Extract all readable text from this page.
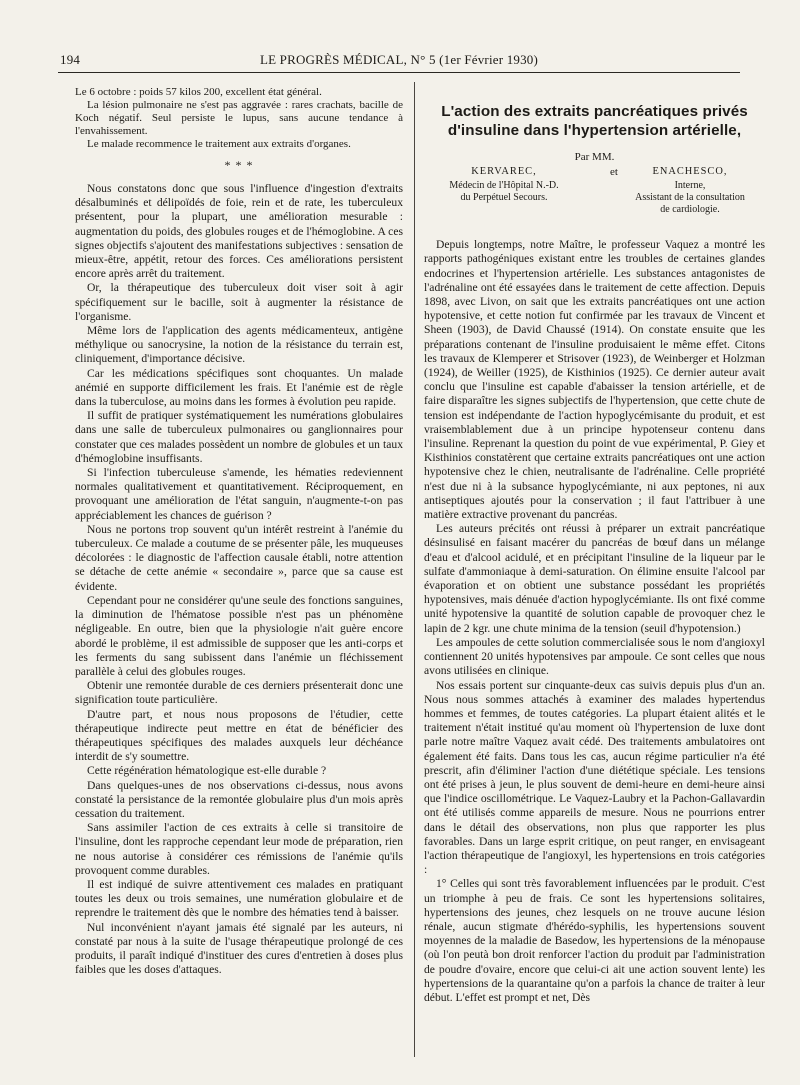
194	LE PROGRÈS MÉDICAL, N° 5 (1er Février 1930)

Le 6 octobre : poids 57 kilos 200, excellent état général.

La lésion pulmonaire ne s'est pas aggravée : rares crachats, bacille de Koch négatif. Seul persiste le lupus, sans aucune tendance à l'envahissement.

Le malade recommence le traitement aux extraits d'organes.

* * *

Nous constatons donc que sous l'influence d'ingestion d'extraits désalbuminés et délipoïdés de foie, rein et de rate, les tuberculeux présentent, pour la plupart, une amélioration mesurable : augmentation du poids, des globules rouges et de l'hémoglobine. A ces signes objectifs s'ajoutent des manifestations subjectives : sensation de mieux-être, appétit, retour des forces. Ces améliorations persistent encore après arrêt du traitement.

Or, la thérapeutique des tuberculeux doit viser soit à agir spécifiquement sur le bacille, soit à augmenter la résistance de l'organisme.

Même lors de l'application des agents médicamenteux, antigène méthylique ou sanocrysine, la notion de la résistance du terrain est, cliniquement, d'importance décisive.

Car les médications spécifiques sont choquantes. Un malade anémié en supporte difficilement les frais. Et l'anémie est de règle dans la tuberculose, au moins dans les formes à évolution peu rapide.

Il suffit de pratiquer systématiquement les numérations globulaires dans une salle de tuberculeux pulmonaires ou ganglionnaires pour constater que ces malades possèdent un nombre de globules et un taux d'hémoglobine insuffisants.

Si l'infection tuberculeuse s'amende, les hématies redeviennent normales qualitativement et quantitativement. Réciproquement, en provoquant une amélioration de l'état sanguin, n'augmente-t-on pas appréciablement les chances de guérison ?

Nous ne portons trop souvent qu'un intérêt restreint à l'anémie du tuberculeux. Ce malade a coutume de se présenter pâle, les muqueuses décolorées : le diagnostic de l'affection causale établi, notre attention se détache de cette anémie « secondaire », parce que sa cause est évidente.

Cependant pour ne considérer qu'une seule des fonctions sanguines, la diminution de l'hématose possible n'est pas un phénomène négligeable. En outre, bien que la physiologie n'ait guère encore abordé le problème, il est admissible de supposer que les anti-corps et les ferments du sang subissent dans l'anémie un fléchissement parallèle à celui des globules rouges.

Obtenir une remontée durable de ces derniers présenterait donc une signification toute particulière.

D'autre part, et nous nous proposons de l'étudier, cette thérapeutique indirecte peut mettre en état de bénéficier des thérapeutiques spécifiques des malades auxquels leur déchéance interdit de s'y soumettre.

Cette régénération hématologique est-elle durable ?

Dans quelques-unes de nos observations ci-dessus, nous avons constaté la persistance de la remontée globulaire plus d'un mois après cessation du traitement.

Sans assimiler l'action de ces extraits à celle si transitoire de l'insuline, dont les rapproche cependant leur mode de préparation, rien ne nous autorise à considérer ces rémissions de l'anémie qu'ils provoquent comme durables.

Il est indiqué de suivre attentivement ces malades en pratiquant toutes les deux ou trois semaines, une numération globulaire et de reprendre le traitement dès que le nombre des hématies tend à baisser.

Nul inconvénient n'ayant jamais été signalé par les auteurs, ni constaté par nous à la suite de l'usage thérapeutique prolongé de ces produits, il paraît indiqué d'instituer des cures d'entretien à doses plus faibles que les doses d'attaques.

L'action des extraits pancréatiques privés d'insuline dans l'hypertension artérielle,
Par MM.
KERVAREC,
Médecin de l'Hôpital N.-D.
du Perpétuel Secours.
et	ENACHESCO,
Interne,
Assistant de la consultation
de cardiologie.

Depuis longtemps, notre Maître, le professeur Vaquez a montré les rapports pathogéniques existant entre les troubles de certaines glandes endocrines et l'hypertension artérielle. Les substances antagonistes de l'adrénaline ont été essayées dans le traitement de cette affection. Depuis 1898, avec Livon, on sait que les extraits pancréatiques ont une action hypotensive, et cette notion fut confirmée par les travaux de Vincent et Sheen (1903), de David Chaussé (1914). On constate ensuite que les préparations contenant de l'insuline produisaient le même effet. Citons les travaux de Klemperer et Strisover (1923), de Weinberger et Holzman (1924), de Weiller (1925), de Kisthinios (1925). Ce dernier auteur avait conclu que l'insuline est capable d'abaisser la tension artérielle, et de faire disparaître les signes subjectifs de l'hypertension, que cette chute de tension est indépendante de l'action hypoglycémisante du produit, et est vraisemblablement due à un principe hypotenseur contenu dans l'insuline. Reprenant la question du point de vue expérimental, P. Giey et Kisthinios constatèrent que certaine extraits pancréatiques ont une action hypotensive chez le chien, neutralisante de l'adrénaline. Celle propriété n'est due ni à la subsance hypoglycémiante, ni aux peptones, ni aux antiseptiques ajoutés pour la conservation ; il faut l'attribuer à une matière extractive provenant du pancréas.

Les auteurs précités ont réussi à préparer un extrait pancréatique désinsulisé en faisant macérer du pancréas de bœuf dans un mélange d'eau et d'alcool acidulé, et en précipitant l'insuline de la liqueur par le sulfate d'ammoniaque à demi-saturation. On élimine ensuite l'alcool par évaporation et on obtient une substance possédant les propriétés hypotensives, mais dénuée d'action hypoglycémiante. Ils ont fixé comme unité hypotensive la quantité de solution capable de provoquer chez le lapin de 2 kgr. une chute minima de la tension (seuil d'hypotension.)

Les ampoules de cette solution commercialisée sous le nom d'angioxyl contiennent 20 unités hypotensives par ampoule. Ce sont celles que nous avons utilisées en clinique.

Nos essais portent sur cinquante-deux cas suivis depuis plus d'un an. Nous nous sommes attachés à examiner des malades hypertendus hommes et femmes, de toutes catégories. La plupart étaient alités et le traitement n'était institué qu'au moment où l'hypertension de luxe dont parle notre maître Vaquez avait cédé. Des traitements ambulatoires ont également été faits. Dans tous les cas, aucun régime particulier n'a été prescrit, afin d'éliminer l'action d'une diététique spéciale. Les tensions ont été prises à jeun, le plus souvent de demi-heure en demi-heure ainsi que l'indice oscillométrique. Le Vaquez-Laubry et la Pachon-Gallavardin ont été utilisés comme appareils de mesure. Nous ne pourrions entrer dans le détail des observations, non plus que rapporter les plus favorables. Dans un large esprit critique, on peut ranger, en envisageant l'action thérapeutique de l'angioxyl, les hypertensions en trois catégories :

1° Celles qui sont très favorablement influencées par le produit. C'est un triomphe à peu de frais. Ce sont les hypertensions solitaires, hypertensions des jeunes, chez lesquels on ne trouve aucune lésion rénale, aucun stigmate d'hérédo-syphilis, les hypertensions souvent moyennes de la maladie de Basedow, les hypertensions de la ménopause (où l'on peutà bon droit renforcer l'action du produit par l'administration de poudre d'ovaire, encore que celui-ci ait une action souvent lente) les hypertensions de la quarantaine qu'on a parfois la chance de traiter à leur début. L'effet est prompt et net, Dès
